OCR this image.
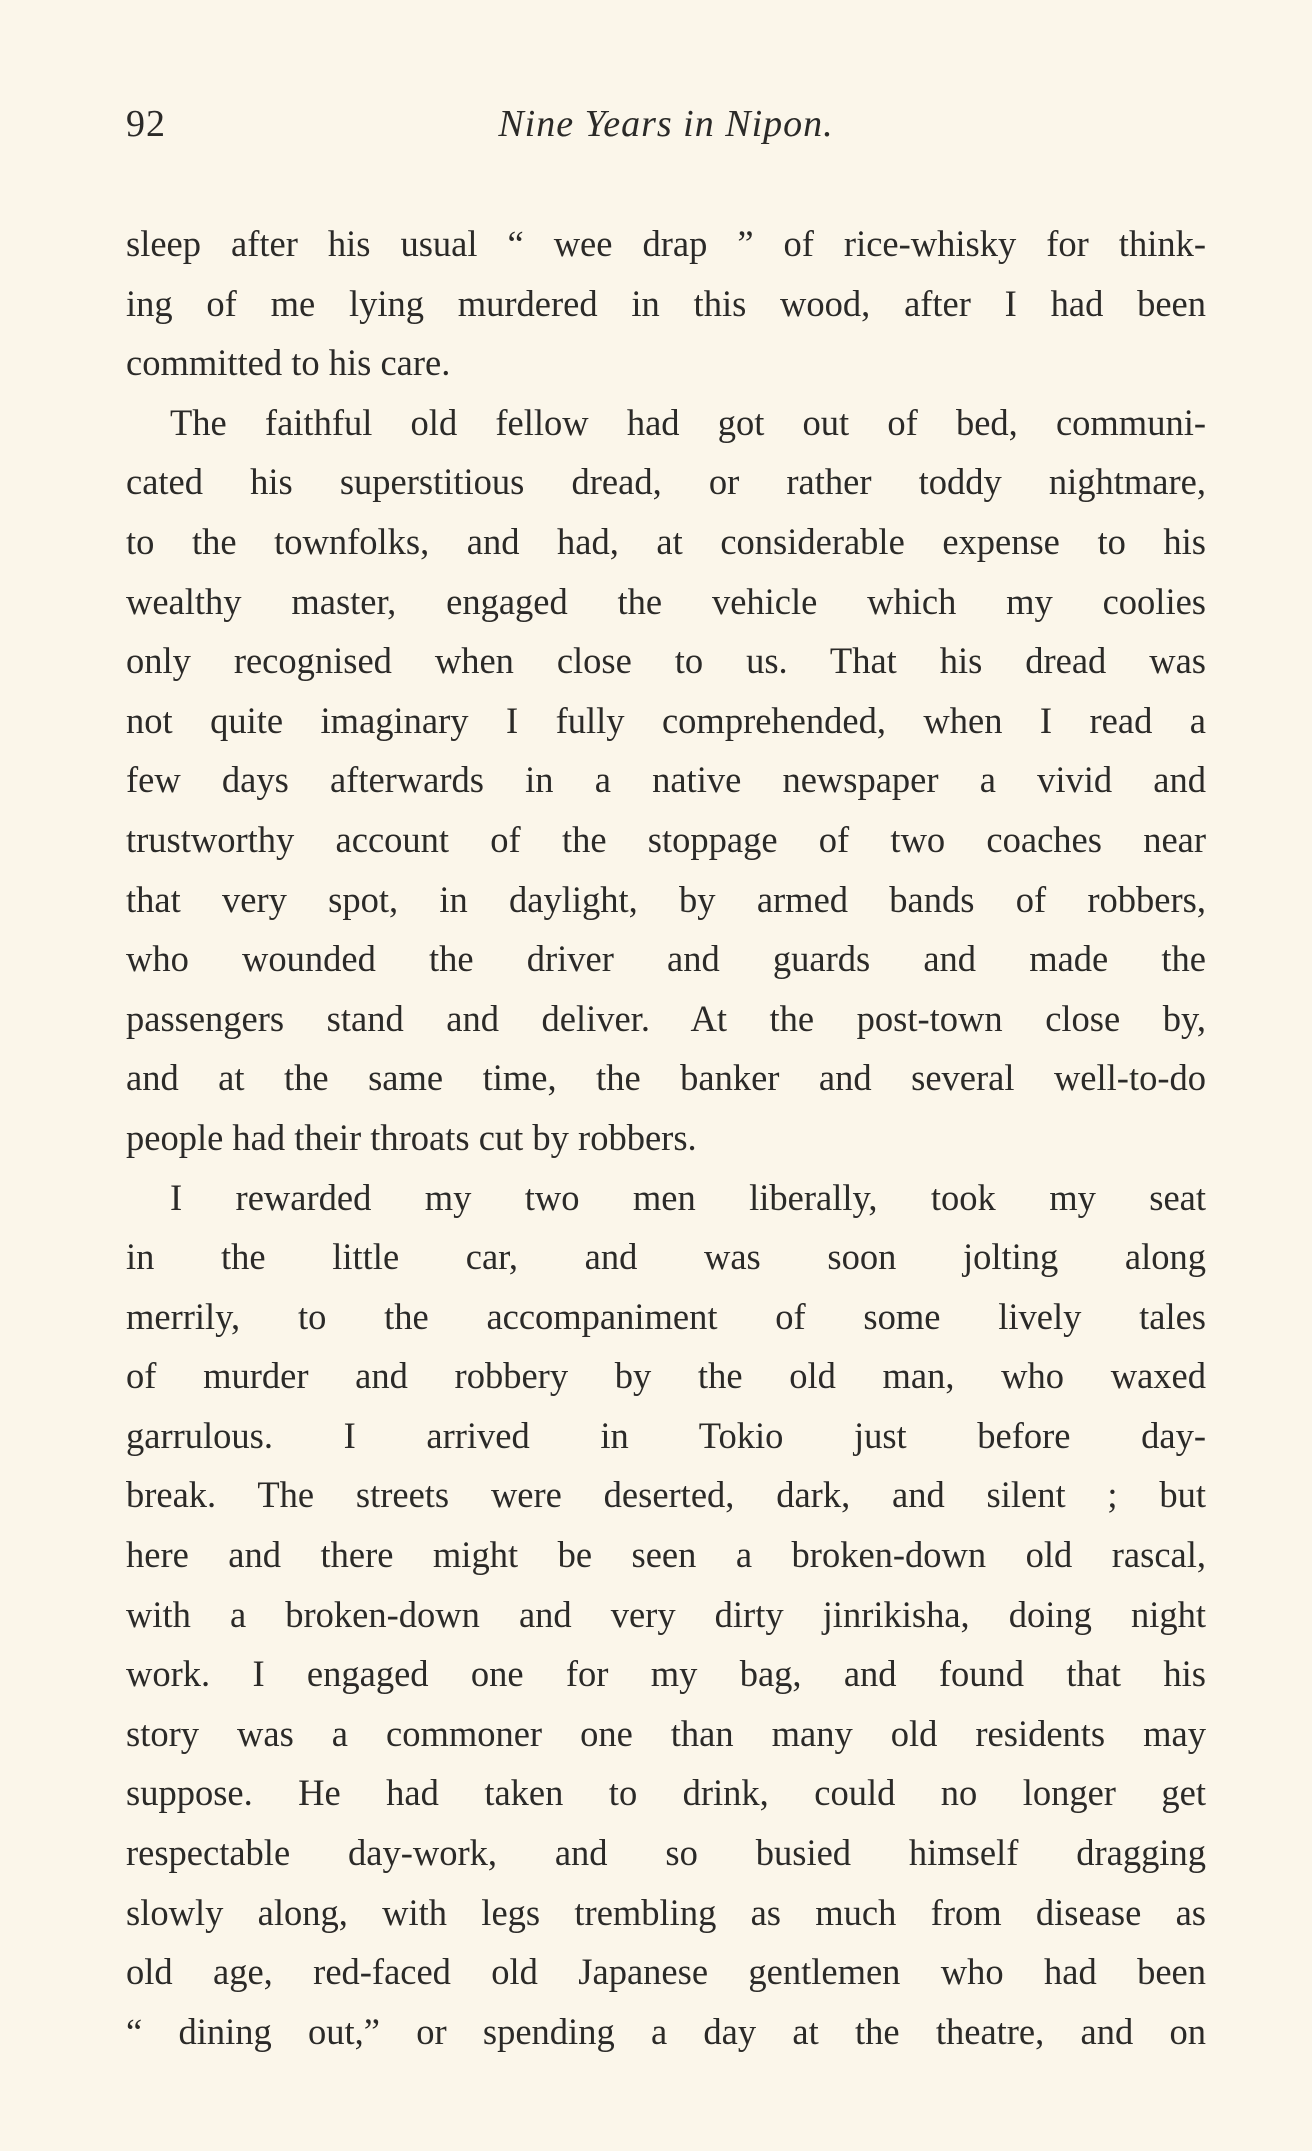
92	Nine Years in Nipon.
sleep after his usual “ wee drap ” of rice-whisky for think-
ing of me lying murdered in this wood, after I had been
committed to his care.
The faithful old fellow had got out of bed, communi-
cated his superstitious dread, or rather toddy nightmare,
to the townfolks, and had, at considerable expense to his
wealthy master, engaged the vehicle which my coolies
only recognised when close to us. That his dread was
not quite imaginary I fully comprehended, when I read a
few days afterwards in a native newspaper a vivid and
trustworthy account of the stoppage of two coaches near
that very spot, in daylight, by armed bands of robbers,
who wounded the driver and guards and made the
passengers stand and deliver. At the post-town close by,
and at the same time, the banker and several well-to-do
people had their throats cut by robbers.
I rewarded my two men liberally, took my seat
in the little car, and was soon jolting along
merrily, to the accompaniment of some lively tales
of murder and robbery by the old man, who waxed
garrulous. I arrived in Tokio just before day-
break. The streets were deserted, dark, and silent ; but
here and there might be seen a broken-down old rascal,
with a broken-down and very dirty jinrikisha, doing night
work. I engaged one for my bag, and found that his
story was a commoner one than many old residents may
suppose. He had taken to drink, could no longer get
respectable day-work, and so busied himself dragging
slowly along, with legs trembling as much from disease as
old age, red-faced old Japanese gentlemen who had been
“ dining out,” or spending a day at the theatre, and on
